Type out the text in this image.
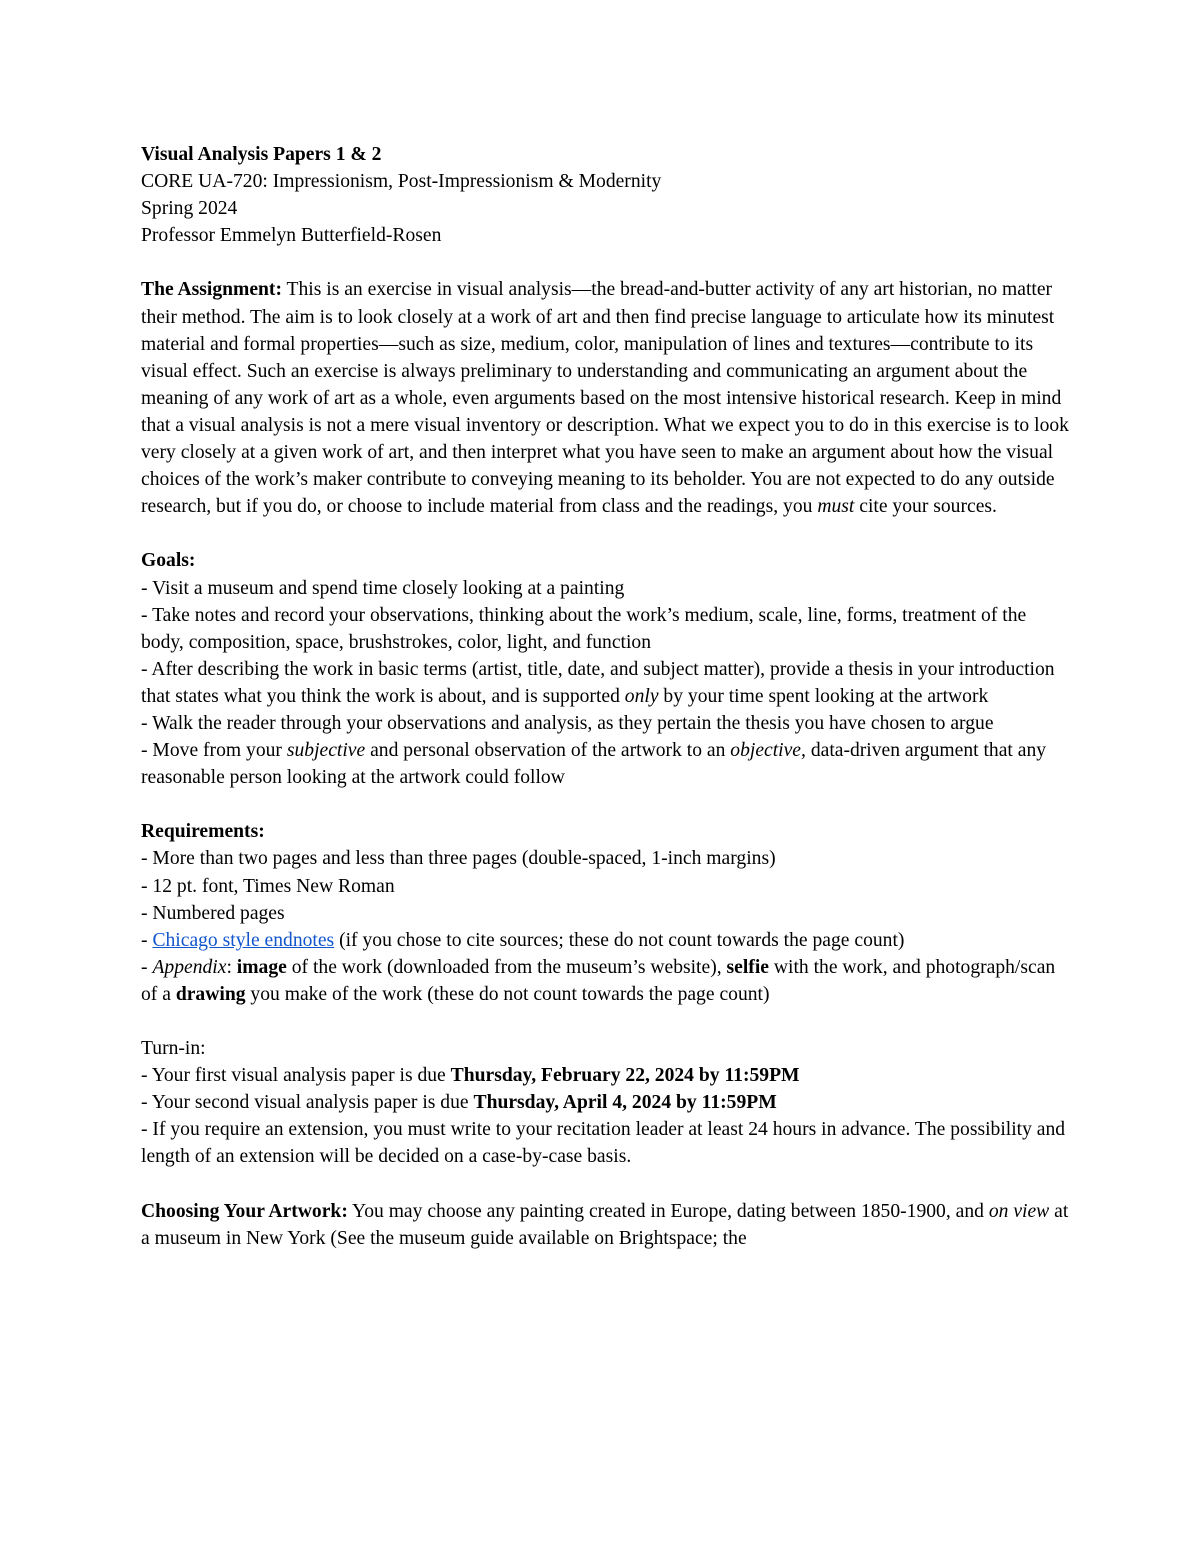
Visual Analysis Papers 1 & 2
CORE UA-720: Impressionism, Post-Impressionism & Modernity
Spring 2024
Professor Emmelyn Butterfield-Rosen

The Assignment: This is an exercise in visual analysis—the bread-and-butter activity of any art historian, no matter their method. The aim is to look closely at a work of art and then find precise language to articulate how its minutest material and formal properties—such as size, medium, color, manipulation of lines and textures—contribute to its visual effect. Such an exercise is always preliminary to understanding and communicating an argument about the meaning of any work of art as a whole, even arguments based on the most intensive historical research. Keep in mind that a visual analysis is not a mere visual inventory or description. What we expect you to do in this exercise is to look very closely at a given work of art, and then interpret what you have seen to make an argument about how the visual choices of the work’s maker contribute to conveying meaning to its beholder. You are not expected to do any outside research, but if you do, or choose to include material from class and the readings, you must cite your sources.

Goals:
- Visit a museum and spend time closely looking at a painting
- Take notes and record your observations, thinking about the work’s medium, scale, line, forms, treatment of the body, composition, space, brushstrokes, color, light, and function
- After describing the work in basic terms (artist, title, date, and subject matter), provide a thesis in your introduction that states what you think the work is about, and is supported only by your time spent looking at the artwork
- Walk the reader through your observations and analysis, as they pertain the thesis you have chosen to argue
- Move from your subjective and personal observation of the artwork to an objective, data-driven argument that any reasonable person looking at the artwork could follow
Requirements:
- More than two pages and less than three pages (double-spaced, 1-inch margins)
- 12 pt. font, Times New Roman
- Numbered pages
- Chicago style endnotes (if you chose to cite sources; these do not count towards the page count)
- Appendix: image of the work (downloaded from the museum’s website), selfie with the work, and photograph/scan of a drawing you make of the work (these do not count towards the page count)
Turn-in:
- Your first visual analysis paper is due Thursday, February 22, 2024 by 11:59PM
- Your second visual analysis paper is due Thursday, April 4, 2024 by 11:59PM
- If you require an extension, you must write to your recitation leader at least 24 hours in advance. The possibility and length of an extension will be decided on a case-by-case basis.

Choosing Your Artwork: You may choose any painting created in Europe, dating between 1850-1900, and on view at a museum in New York (See the museum guide available on Brightspace; the
